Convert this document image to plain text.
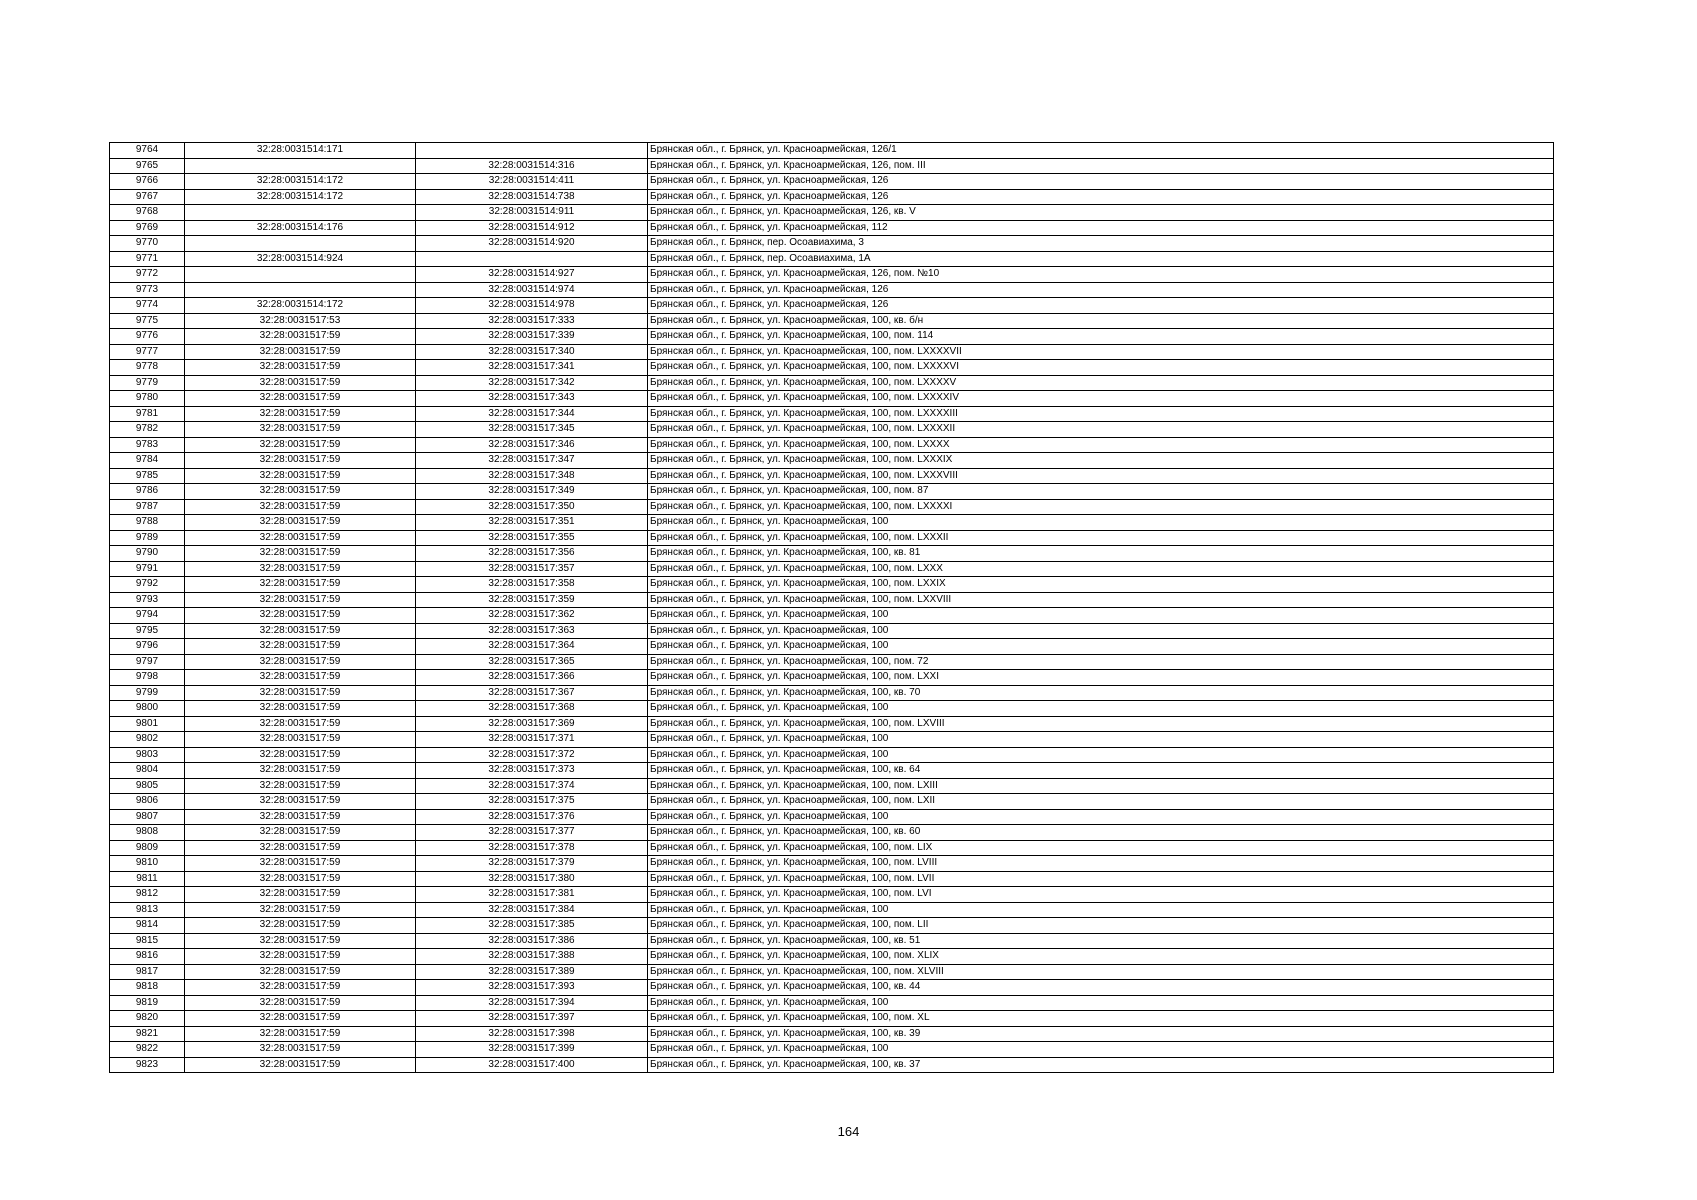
9764	32:28:0031514:171		Брянская обл., г. Брянск, ул. Красноармейская, 126/1
9765		32:28:0031514:316	Брянская обл., г. Брянск, ул. Красноармейская, 126, пом. III
9766	32:28:0031514:172	32:28:0031514:411	Брянская обл., г. Брянск, ул. Красноармейская, 126
9767	32:28:0031514:172	32:28:0031514:738	Брянская обл., г. Брянск, ул. Красноармейская, 126
9768		32:28:0031514:911	Брянская обл., г. Брянск, ул. Красноармейская, 126, кв. V
9769	32:28:0031514:176	32:28:0031514:912	Брянская обл., г. Брянск, ул. Красноармейская, 112
9770		32:28:0031514:920	Брянская обл., г. Брянск, пер. Осоавиахима, 3
9771	32:28:0031514:924		Брянская обл., г. Брянск, пер. Осоавиахима, 1А
9772		32:28:0031514:927	Брянская обл., г. Брянск, ул. Красноармейская, 126, пом. №10
9773		32:28:0031514:974	Брянская обл., г. Брянск, ул. Красноармейская, 126
9774	32:28:0031514:172	32:28:0031514:978	Брянская обл., г. Брянск, ул. Красноармейская, 126
9775	32:28:0031517:53	32:28:0031517:333	Брянская обл., г. Брянск, ул. Красноармейская, 100, кв. б/н
9776	32:28:0031517:59	32:28:0031517:339	Брянская обл., г. Брянск, ул. Красноармейская, 100, пом. 114
9777	32:28:0031517:59	32:28:0031517:340	Брянская обл., г. Брянск, ул. Красноармейская, 100, пом. LXXXXVII
9778	32:28:0031517:59	32:28:0031517:341	Брянская обл., г. Брянск, ул. Красноармейская, 100, пом. LXXXXVI
9779	32:28:0031517:59	32:28:0031517:342	Брянская обл., г. Брянск, ул. Красноармейская, 100, пом. LXXXXV
9780	32:28:0031517:59	32:28:0031517:343	Брянская обл., г. Брянск, ул. Красноармейская, 100, пом. LXXXXIV
9781	32:28:0031517:59	32:28:0031517:344	Брянская обл., г. Брянск, ул. Красноармейская, 100, пом. LXXXXIII
9782	32:28:0031517:59	32:28:0031517:345	Брянская обл., г. Брянск, ул. Красноармейская, 100, пом. LXXXXII
9783	32:28:0031517:59	32:28:0031517:346	Брянская обл., г. Брянск, ул. Красноармейская, 100, пом. LXXXX
9784	32:28:0031517:59	32:28:0031517:347	Брянская обл., г. Брянск, ул. Красноармейская, 100, пом. LXXXIX
9785	32:28:0031517:59	32:28:0031517:348	Брянская обл., г. Брянск, ул. Красноармейская, 100, пом. LXXXVIII
9786	32:28:0031517:59	32:28:0031517:349	Брянская обл., г. Брянск, ул. Красноармейская, 100, пом. 87
9787	32:28:0031517:59	32:28:0031517:350	Брянская обл., г. Брянск, ул. Красноармейская, 100, пом. LXXXXI
9788	32:28:0031517:59	32:28:0031517:351	Брянская обл., г. Брянск, ул. Красноармейская, 100
9789	32:28:0031517:59	32:28:0031517:355	Брянская обл., г. Брянск, ул. Красноармейская, 100, пом. LXXXII
9790	32:28:0031517:59	32:28:0031517:356	Брянская обл., г. Брянск, ул. Красноармейская, 100, кв. 81
9791	32:28:0031517:59	32:28:0031517:357	Брянская обл., г. Брянск, ул. Красноармейская, 100, пом. LXXX
9792	32:28:0031517:59	32:28:0031517:358	Брянская обл., г. Брянск, ул. Красноармейская, 100, пом. LXXIX
9793	32:28:0031517:59	32:28:0031517:359	Брянская обл., г. Брянск, ул. Красноармейская, 100, пом. LXXVIII
9794	32:28:0031517:59	32:28:0031517:362	Брянская обл., г. Брянск, ул. Красноармейская, 100
9795	32:28:0031517:59	32:28:0031517:363	Брянская обл., г. Брянск, ул. Красноармейская, 100
9796	32:28:0031517:59	32:28:0031517:364	Брянская обл., г. Брянск, ул. Красноармейская, 100
9797	32:28:0031517:59	32:28:0031517:365	Брянская обл., г. Брянск, ул. Красноармейская, 100, пом. 72
9798	32:28:0031517:59	32:28:0031517:366	Брянская обл., г. Брянск, ул. Красноармейская, 100, пом. LXXI
9799	32:28:0031517:59	32:28:0031517:367	Брянская обл., г. Брянск, ул. Красноармейская, 100, кв. 70
9800	32:28:0031517:59	32:28:0031517:368	Брянская обл., г. Брянск, ул. Красноармейская, 100
9801	32:28:0031517:59	32:28:0031517:369	Брянская обл., г. Брянск, ул. Красноармейская, 100, пом. LXVIII
9802	32:28:0031517:59	32:28:0031517:371	Брянская обл., г. Брянск, ул. Красноармейская, 100
9803	32:28:0031517:59	32:28:0031517:372	Брянская обл., г. Брянск, ул. Красноармейская, 100
9804	32:28:0031517:59	32:28:0031517:373	Брянская обл., г. Брянск, ул. Красноармейская, 100, кв. 64
9805	32:28:0031517:59	32:28:0031517:374	Брянская обл., г. Брянск, ул. Красноармейская, 100, пом. LXIII
9806	32:28:0031517:59	32:28:0031517:375	Брянская обл., г. Брянск, ул. Красноармейская, 100, пом. LXII
9807	32:28:0031517:59	32:28:0031517:376	Брянская обл., г. Брянск, ул. Красноармейская, 100
9808	32:28:0031517:59	32:28:0031517:377	Брянская обл., г. Брянск, ул. Красноармейская, 100, кв. 60
9809	32:28:0031517:59	32:28:0031517:378	Брянская обл., г. Брянск, ул. Красноармейская, 100, пом. LIX
9810	32:28:0031517:59	32:28:0031517:379	Брянская обл., г. Брянск, ул. Красноармейская, 100, пом. LVIII
9811	32:28:0031517:59	32:28:0031517:380	Брянская обл., г. Брянск, ул. Красноармейская, 100, пом. LVII
9812	32:28:0031517:59	32:28:0031517:381	Брянская обл., г. Брянск, ул. Красноармейская, 100, пом. LVI
9813	32:28:0031517:59	32:28:0031517:384	Брянская обл., г. Брянск, ул. Красноармейская, 100
9814	32:28:0031517:59	32:28:0031517:385	Брянская обл., г. Брянск, ул. Красноармейская, 100, пом. LII
9815	32:28:0031517:59	32:28:0031517:386	Брянская обл., г. Брянск, ул. Красноармейская, 100, кв. 51
9816	32:28:0031517:59	32:28:0031517:388	Брянская обл., г. Брянск, ул. Красноармейская, 100, пом. XLIX
9817	32:28:0031517:59	32:28:0031517:389	Брянская обл., г. Брянск, ул. Красноармейская, 100, пом. XLVIII
9818	32:28:0031517:59	32:28:0031517:393	Брянская обл., г. Брянск, ул. Красноармейская, 100, кв. 44
9819	32:28:0031517:59	32:28:0031517:394	Брянская обл., г. Брянск, ул. Красноармейская, 100
9820	32:28:0031517:59	32:28:0031517:397	Брянская обл., г. Брянск, ул. Красноармейская, 100, пом. XL
9821	32:28:0031517:59	32:28:0031517:398	Брянская обл., г. Брянск, ул. Красноармейская, 100, кв. 39
9822	32:28:0031517:59	32:28:0031517:399	Брянская обл., г. Брянск, ул. Красноармейская, 100
9823	32:28:0031517:59	32:28:0031517:400	Брянская обл., г. Брянск, ул. Красноармейская, 100, кв. 37
164
